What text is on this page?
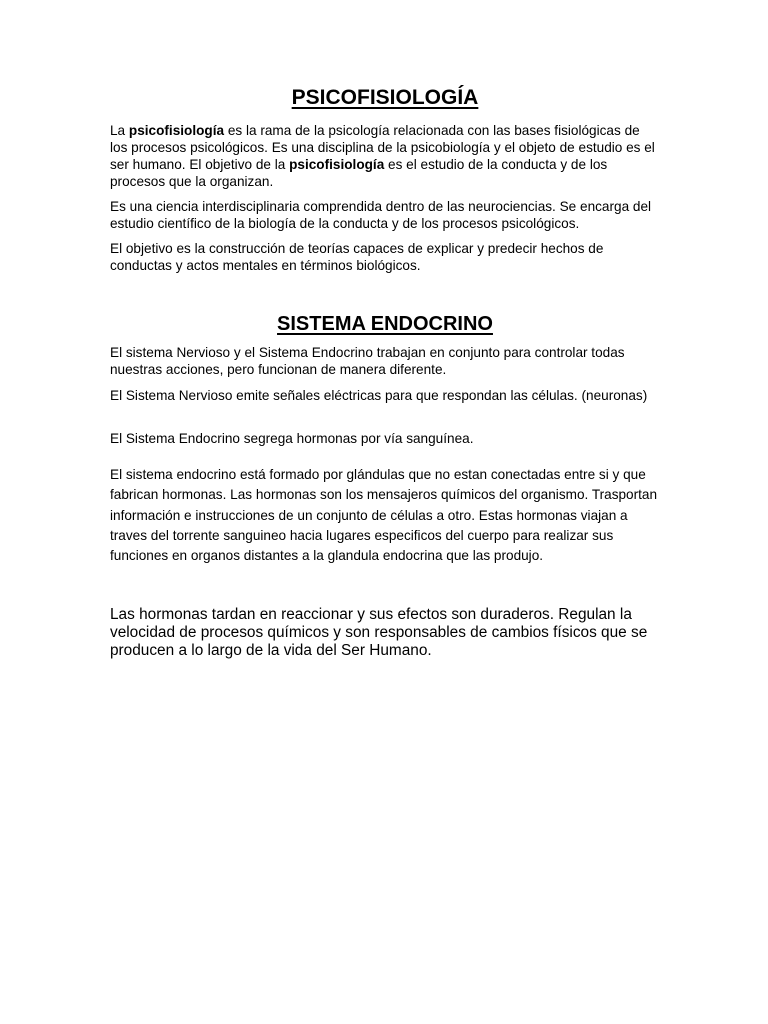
PSICOFISIOLOGÍA

La psicofisiología es la rama de la psicología relacionada con las bases fisiológicas de los procesos psicológicos. Es una disciplina de la psicobiología y el objeto de estudio es el ser humano. El objetivo de la psicofisiología es el estudio de la conducta y de los procesos que la organizan.

Es una ciencia interdisciplinaria comprendida dentro de las neurociencias. Se encarga del estudio científico de la biología de la conducta y de los procesos psicológicos.

El objetivo es la construcción de teorías capaces de explicar y predecir hechos de conductas y actos mentales en términos biológicos.

SISTEMA ENDOCRINO

El sistema Nervioso y el Sistema Endocrino trabajan en conjunto para controlar todas nuestras acciones, pero funcionan de manera diferente.

El Sistema Nervioso emite señales eléctricas para que respondan las células. (neuronas)

El Sistema Endocrino segrega hormonas por vía sanguínea.

El sistema endocrino está formado por glándulas que no estan conectadas entre si y que fabrican hormonas. Las hormonas son los mensajeros químicos del organismo. Trasportan información e instrucciones de un conjunto de células a otro. Estas hormonas viajan a traves del torrente sanguineo hacia lugares especificos del cuerpo para realizar sus funciones en organos distantes a la glandula endocrina que las produjo.

Las hormonas tardan en reaccionar y sus efectos son duraderos. Regulan la velocidad de procesos químicos y son responsables de cambios físicos que se producen a lo largo de la vida del Ser Humano.
